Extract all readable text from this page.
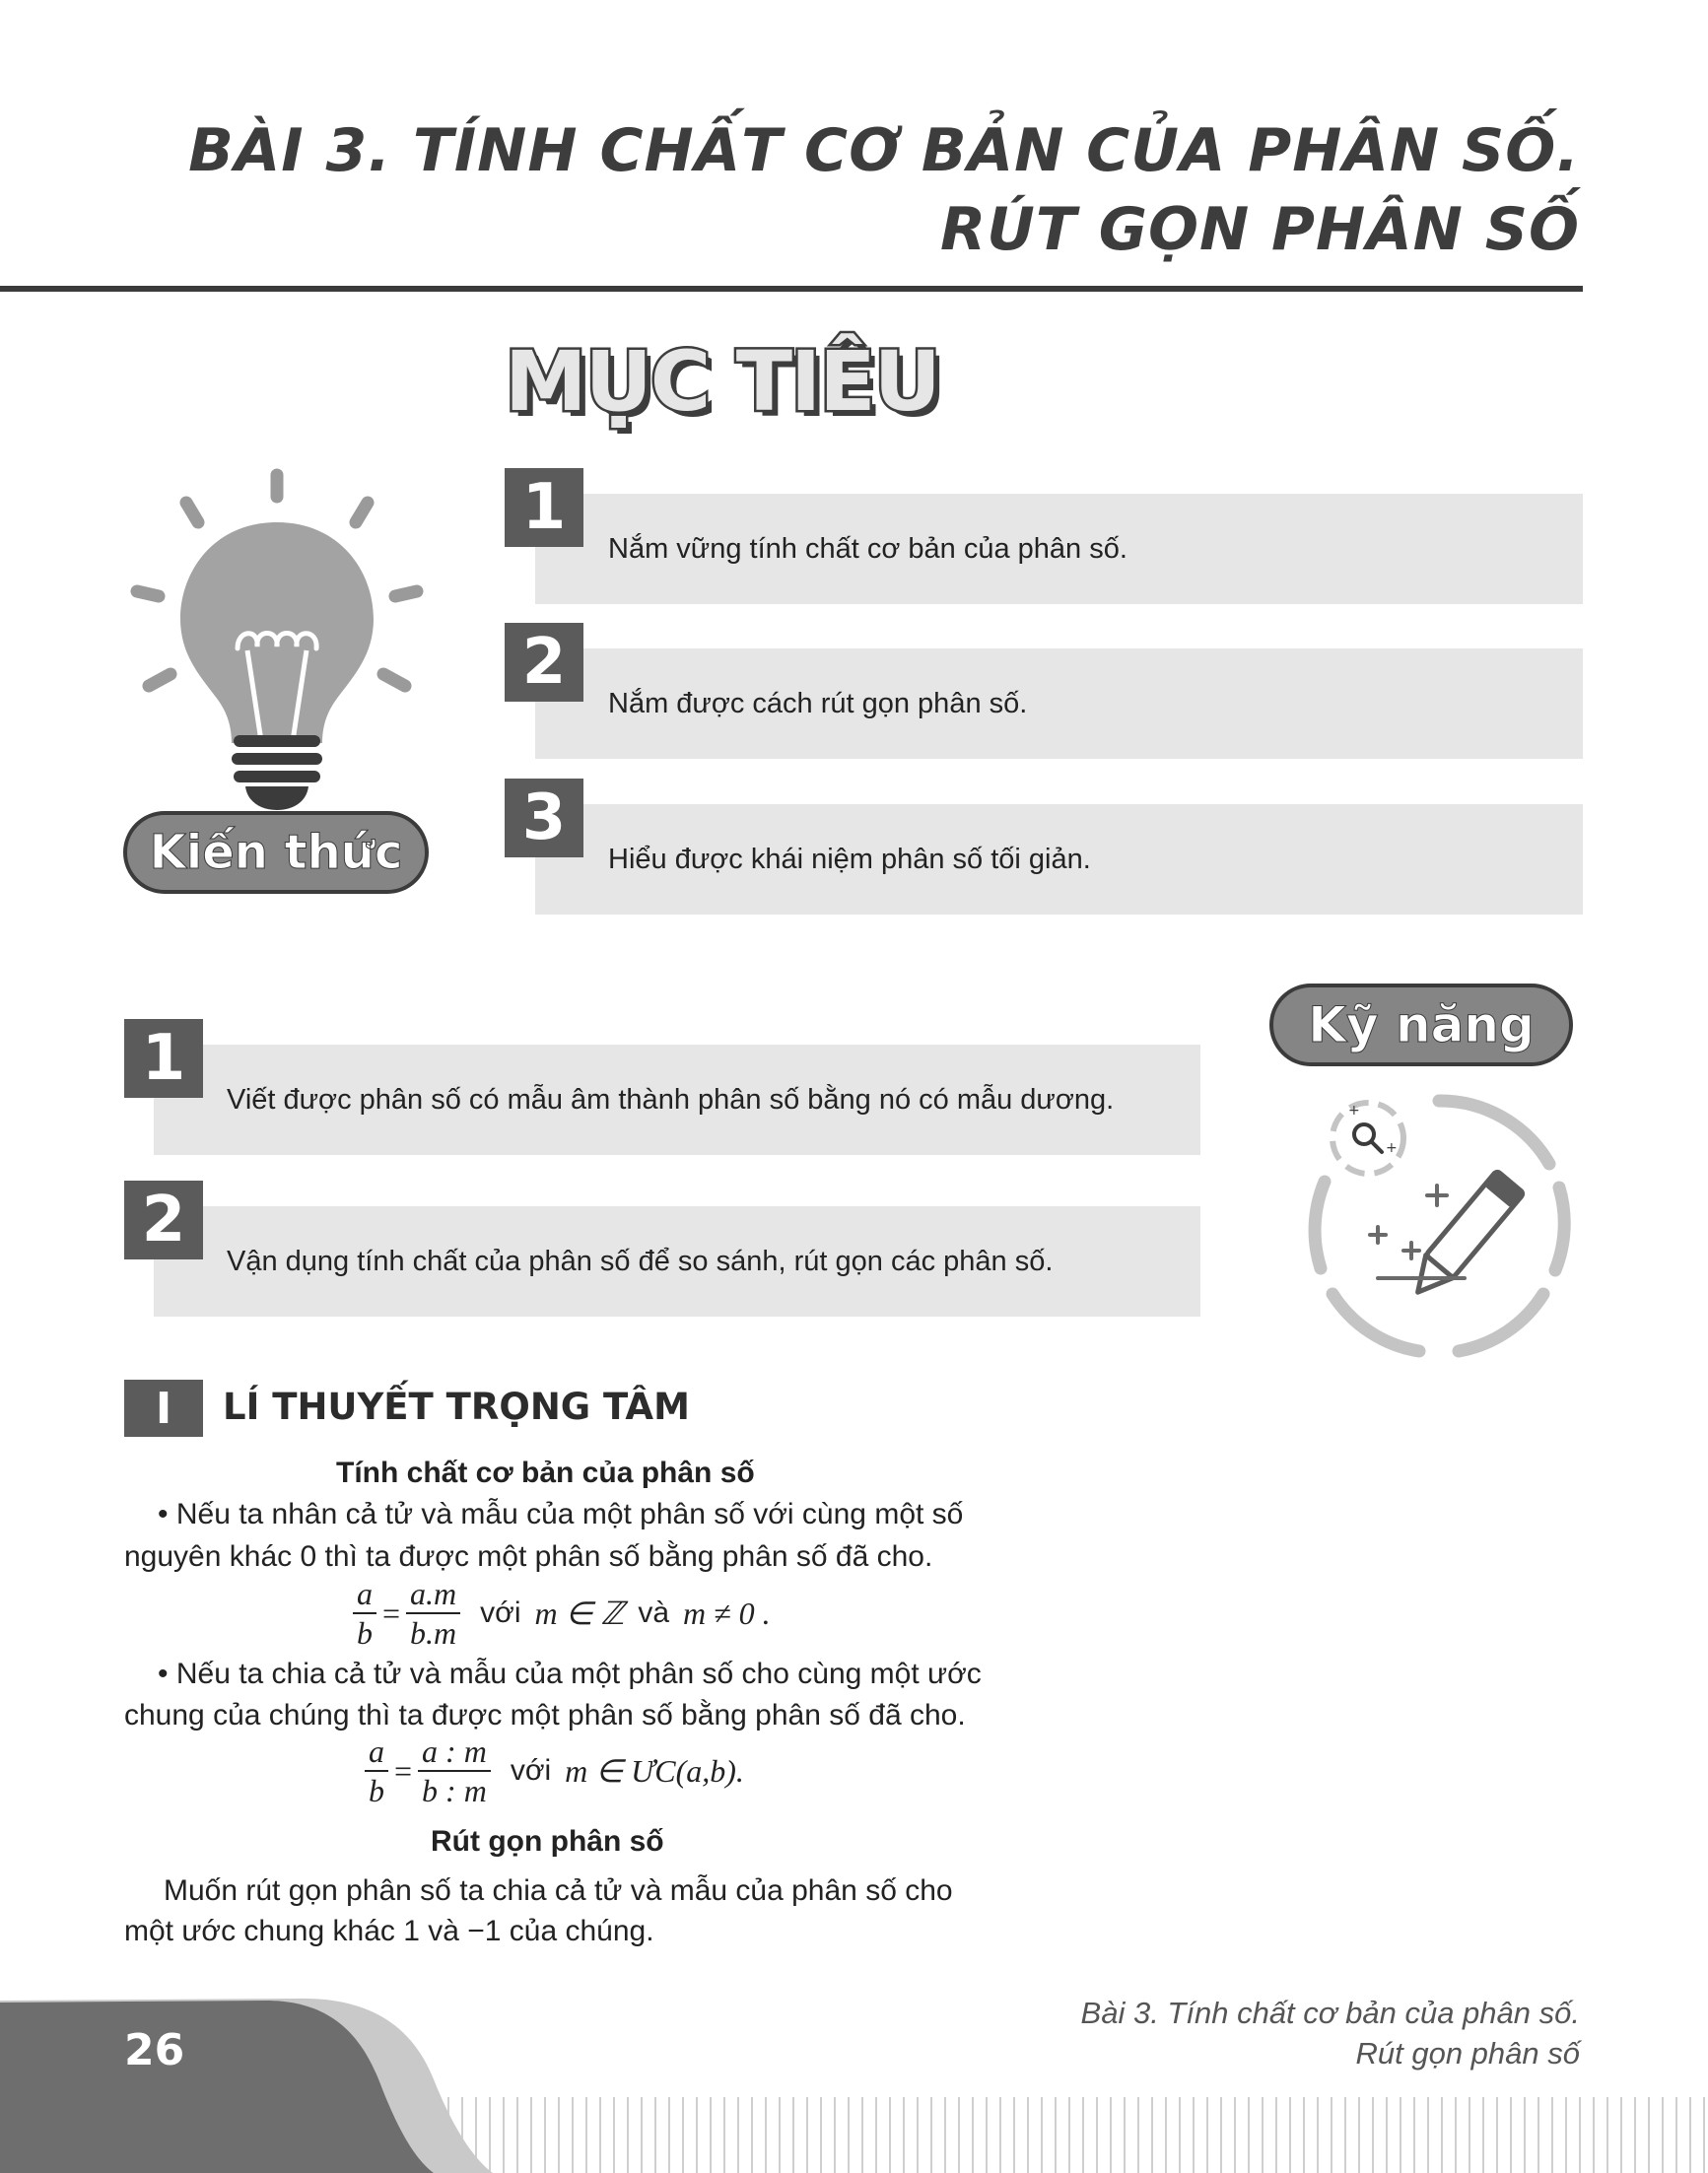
BÀI 3. TÍNH CHẤT CƠ BẢN CỦA PHÂN SỐ.
RÚT GỌN PHÂN SỐ
MỤC TIÊU
Kiến thức
1
Nắm vững tính chất cơ bản của phân số.
2
Nắm được cách rút gọn phân số.
3
Hiểu được khái niệm phân số tối giản.
Kỹ năng
+
+
1
Viết được phân số có mẫu âm thành phân số bằng nó có mẫu dương.
2
Vận dụng tính chất của phân số để so sánh, rút gọn các phân số.
I	LÍ THUYẾT TRỌNG TÂM
Tính chất cơ bản của phân số
• Nếu ta nhân cả tử và mẫu của một phân số với cùng một số
nguyên khác 0 thì ta được một phân số bằng phân số đã cho.
$\frac{a}{b} = \frac{a.m}{b.m}$ với m ∈ ℤ và m ≠ 0 .
• Nếu ta chia cả tử và mẫu của một phân số cho cùng một ước
chung của chúng thì ta được một phân số bằng phân số đã cho.
$\frac{a}{b} = \frac{a : m}{b : m}$ với m ∈ ƯC(a,b).
Rút gọn phân số
Muốn rút gọn phân số ta chia cả tử và mẫu của phân số cho
một ước chung khác 1 và −1 của chúng.
26
Bài 3. Tính chất cơ bản của phân số.
Rút gọn phân số
